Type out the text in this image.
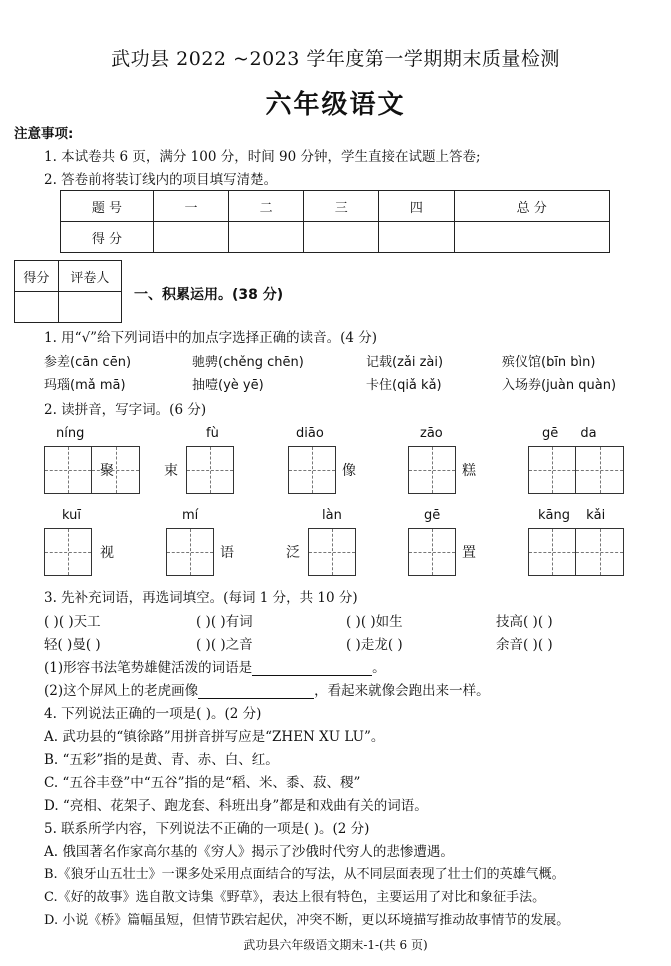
武功县 2022 ~2023 学年度第一学期期末质量检测
六年级语文
注意事项:
1. 本试卷共 6 页，满分 100 分，时间 90 分钟，学生直接在试题上答卷;
2. 答卷前将装订线内的项目填写清楚。
题 号	一	二	三	四	总 分
得 分					
得分	评卷人

一、积累运用。(38 分)
1. 用“√”给下列词语中的加点字选择正确的读音。(4 分)
参差(cān cēn)	驰骋(chěng chēn)	记载(zǎi zài)	殡仪馆(bīn bìn)
玛瑙(mǎ mā)	抽噎(yè yē)	卡住(qiǎ kǎ)	入场券(juàn quàn)
2. 读拼音，写字词。(6 分)
níng
聚
fù
束
diāo
像
zāo
糕
gē da
kuī
视
mí
语
làn
泛
gē
置
kāng kǎi
3. 先补充词语，再选词填空。(每词 1 分，共 10 分)
( )( )天工	( )( )有词	( )( )如生	技高( )( )
轻( )曼( )	( )( )之音	( )走龙( )	余音( )( )
(1)形容书法笔势雄健活泼的词语是	。
(2)这个屏风上的老虎画像	，看起来就像会跑出来一样。
4. 下列说法正确的一项是( )。(2 分)
A. 武功县的“镇徐路”用拼音拼写应是“ZHEN XU LU”。
B. “五彩”指的是黄、青、赤、白、红。
C. “五谷丰登”中“五谷”指的是“稻、米、黍、菽、稷”
D. “亮相、花架子、跑龙套、科班出身”都是和戏曲有关的词语。
5. 联系所学内容，下列说法不正确的一项是( )。(2 分)
A. 俄国著名作家高尔基的《穷人》揭示了沙俄时代穷人的悲惨遭遇。
B.《狼牙山五壮士》一课多处采用点面结合的写法，从不同层面表现了壮士们的英雄气概。
C.《好的故事》选自散文诗集《野草》，表达上很有特色，主要运用了对比和象征手法。
D. 小说《桥》篇幅虽短，但情节跌宕起伏，冲突不断，更以环境描写推动故事情节的发展。
武功县六年级语文期末-1-(共 6 页)
